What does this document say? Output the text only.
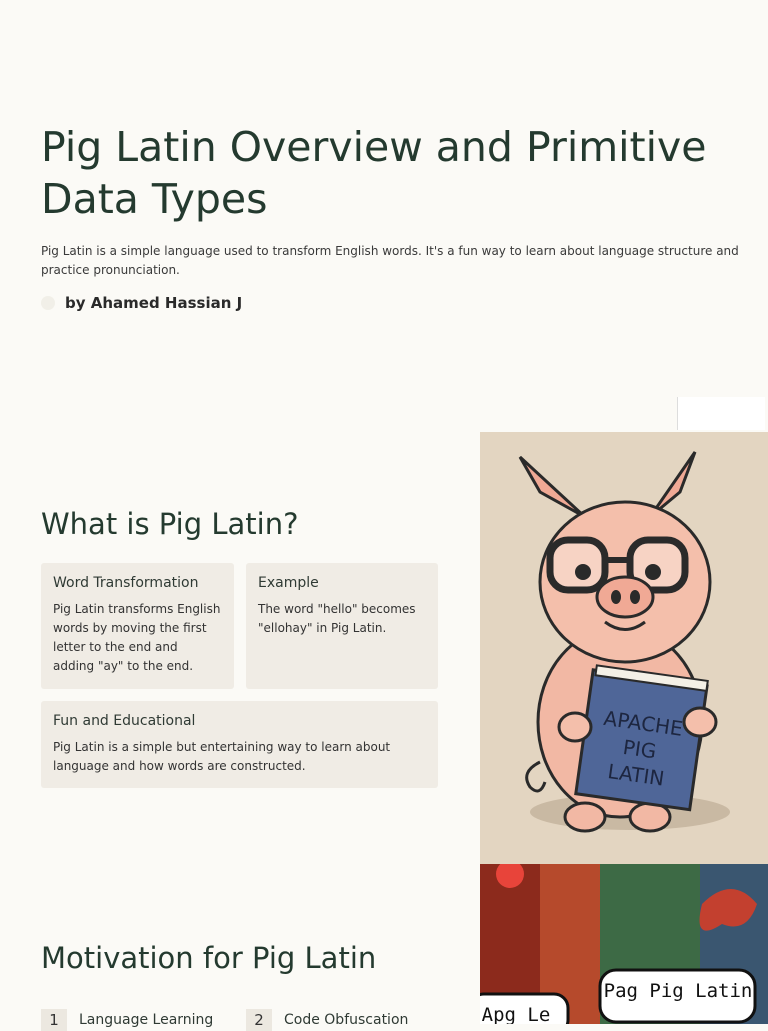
Pig Latin Overview and Primitive Data Types

Pig Latin is a simple language used to transform English words. It's a fun way to learn about language structure and practice pronunciation.

by Ahamed Hassian J
APACHE
PIG
LATIN
What is Pig Latin?
Word Transformation
Pig Latin transforms English words by moving the first letter to the end and adding "ay" to the end.
Example
The word "hello" becomes "ellohay" in Pig Latin.
Fun and Educational
Pig Latin is a simple but entertaining way to learn about language and how words are constructed.
Pag Pig Latin
Apg Le
Motivation for Pig Latin
1	Language Learning	2	Code Obfuscation
